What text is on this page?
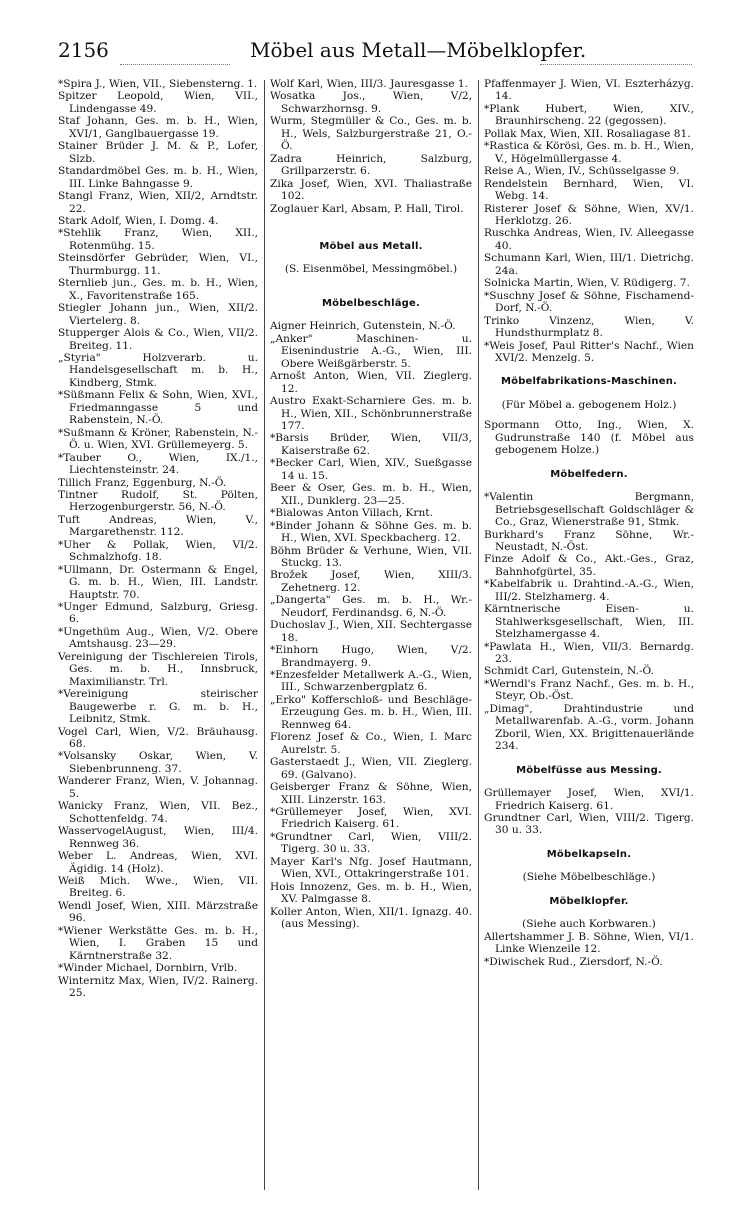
2156	Möbel aus Metall—Möbelklopfer.

*Spira J., Wien, VII., Siebensterng. 1.

Spitzer Leopold, Wien, VII., Lindengasse 49.

Staf Johann, Ges. m. b. H., Wien, XVI/1, Ganglbauergasse 19.

Stainer Brüder J. M. & P., Lofer, Slzb.

Standardmöbel Ges. m. b. H., Wien, III. Linke Bahngasse 9.

Stangl Franz, Wien, XII/2, Arndtstr. 22.

Stark Adolf, Wien, I. Domg. 4.

*Stehlik Franz, Wien, XII., Rotenmühg. 15.

Steinsdörfer Gebrüder, Wien, VI., Thurmburgg. 11.

Sternlieb jun., Ges. m. b. H., Wien, X., Favoritenstraße 165.

Stiegler Johann jun., Wien, XII/2. Viertelerg. 8.

Stupperger Alois & Co., Wien, VII/2. Breiteg. 11.

„Styria" Holzverarb. u. Handelsgesellschaft m. b. H., Kindberg, Stmk.

*Süßmann Felix & Sohn, Wien, XVI., Friedmanngasse 5 und Rabenstein, N.-Ö.

*Sußmann & Kröner, Rabenstein, N.-Ö. u. Wien, XVI. Grüllemeyerg. 5.

*Tauber O., Wien, IX./1., Liechtensteinstr. 24.

Tillich Franz, Eggenburg, N.-Ö.

Tintner Rudolf, St. Pölten, Herzogenburgerstr. 56, N.-Ö.

Tuft Andreas, Wien, V., Margarethenstr. 112.

*Uher & Pollak, Wien, VI/2. Schmalzhofg. 18.

*Ullmann, Dr. Ostermann & Engel, G. m. b. H., Wien, III. Landstr. Hauptstr. 70.

*Unger Edmund, Salzburg, Griesg. 6.

*Ungethüm Aug., Wien, V/2. Obere Amtshausg. 23—29.

Vereinigung der Tischlereien Tirols, Ges. m. b. H., Innsbruck, Maximilianstr. Trl.

*Vereinigung steirischer Baugewerbe r. G. m. b. H., Leibnitz, Stmk.

Vogel Carl, Wien, V/2. Bräuhausg. 68.

*Volsansky Oskar, Wien, V. Siebenbrunneng. 37.

Wanderer Franz, Wien, V. Johannag. 5.

Wanicky Franz, Wien, VII. Bez., Schottenfeldg. 74.

WasservogelAugust, Wien, III/4. Rennweg 36.

Weber L. Andreas, Wien, XVI. Ägidig. 14 (Holz).

Weiß Mich. Wwe., Wien, VII. Breiteg. 6.

Wendl Josef, Wien, XIII. Märzstraße 96.

*Wiener Werkstätte Ges. m. b. H., Wien, I. Graben 15 und Kärntnerstraße 32.

*Winder Michael, Dornbirn, Vrlb.

Winternitz Max, Wien, IV/2. Rainerg. 25.

Wolf Karl, Wien, III/3. Jauresgasse 1.

Wosatka Jos., Wien, V/2, Schwarzhornsg. 9.

Wurm, Stegmüller & Co., Ges. m. b. H., Wels, Salzburgerstraße 21, O.-Ö.

Zadra Heinrich, Salzburg, Grillparzerstr. 6.

Zika Josef, Wien, XVI. Thaliastraße 102.

Zoglauer Karl, Absam, P. Hall, Tirol.

Möbel aus Metall.

(S. Eisenmöbel, Messingmöbel.)

Möbelbeschläge.

Aigner Heinrich, Gutenstein, N.-Ö.

„Anker" Maschinen- u. Eisenindustrie A.-G., Wien, III. Obere Weißgärberstr. 5.

Arnošt Anton, Wien, VII. Zieglerg. 12.

Austro Exakt-Scharniere Ges. m. b. H., Wien, XII., Schönbrunnerstraße 177.

*Barsis Brüder, Wien, VII/3, Kaiserstraße 62.

*Becker Carl, Wien, XIV., Sueßgasse 14 u. 15.

Beer & Oser, Ges. m. b. H., Wien, XII., Dunklerg. 23—25.

*Bialowas Anton Villach, Krnt.

*Binder Johann & Söhne Ges. m. b. H., Wien, XVI. Speckbacherg. 12.

Böhm Brüder & Verhune, Wien, VII. Stuckg. 13.

Brožek Josef, Wien, XIII/3. Zehetnerg. 12.

„Dangerta" Ges. m. b. H., Wr.-Neudorf, Ferdinandsg. 6, N.-Ö.

Duchoslav J., Wien, XII. Sechtergasse 18.

*Einhorn Hugo, Wien, V/2. Brandmayerg. 9.

*Enzesfelder Metallwerk A.-G., Wien, III., Schwarzenbergplatz 6.

„Erko" Kofferschloß- und Beschläge-Erzeugung Ges. m. b. H., Wien, III. Rennweg 64.

Florenz Josef & Co., Wien, I. Marc Aurelstr. 5.

Gasterstaedt J., Wien, VII. Zieglerg. 69. (Galvano).

Geisberger Franz & Söhne, Wien, XIII. Linzerstr. 163.

*Grüllemeyer Josef, Wien, XVI. Friedrich Kaiserg. 61.

*Grundtner Carl, Wien, VIII/2. Tigerg. 30 u. 33.

Mayer Karl's Nfg. Josef Hautmann, Wien, XVI., Ottakringerstraße 101.

Hois Innozenz, Ges. m. b. H., Wien, XV. Palmgasse 8.

Koller Anton, Wien, XII/1. Ignazg. 40. (aus Messing).

Pfaffenmayer J. Wien, VI. Eszterházyg. 14.

*Plank Hubert, Wien, XIV., Braunhirscheng. 22 (gegossen).

Pollak Max, Wien, XII. Rosaliagase 81.

*Rastica & Körösi, Ges. m. b. H., Wien, V., Högelmüllergasse 4.

Reise A., Wien, IV., Schüsselgasse 9.

Rendelstein Bernhard, Wien, VI. Webg. 14.

Risterer Josef & Söhne, Wien, XV/1. Herklotzg. 26.

Ruschka Andreas, Wien, IV. Alleegasse 40.

Schumann Karl, Wien, III/1. Dietrichg. 24a.

Solnicka Martin, Wien, V. Rüdigerg. 7.

*Suschny Josef & Söhne, Fischamend-Dorf, N.-Ö.

Trinko Vinzenz, Wien, V. Hundsthurmplatz 8.

*Weis Josef, Paul Ritter's Nachf., Wien XVI/2. Menzelg. 5.

Möbelfabrikations-Maschinen.

(Für Möbel a. gebogenem Holz.)

Spormann Otto, Ing., Wien, X. Gudrunstraße 140 (f. Möbel aus gebogenem Holze.)

Möbelfedern.

*Valentin Bergmann, Betriebsgesellschaft Goldschläger & Co., Graz, Wienerstraße 91, Stmk.

Burkhard's Franz Söhne, Wr.-Neustadt, N.-Öst.

Finze Adolf & Co., Akt.-Ges., Graz, Bahnhofgürtel, 35.

*Kabelfabrik u. Drahtind.-A.-G., Wien, III/2. Stelzhamerg. 4.

Kärntnerische Eisen- u. Stahlwerksgesellschaft, Wien, III. Stelzhamergasse 4.

*Pawlata H., Wien, VII/3. Bernardg. 23.

Schmidt Carl, Gutenstein, N.-Ö.

*Werndl's Franz Nachf., Ges. m. b. H., Steyr, Ob.-Öst.

„Dimag", Drahtindustrie und Metallwarenfab. A.-G., vorm. Johann Zboril, Wien, XX. Brigittenauerlände 234.

Möbelfüsse aus Messing.

Grüllemayer Josef, Wien, XVI/1. Friedrich Kaiserg. 61.

Grundtner Carl, Wien, VIII/2. Tigerg. 30 u. 33.

Möbelkapseln.

(Siehe Möbelbeschläge.)

Möbelklopfer.

(Siehe auch Korbwaren.)

Allertshammer J. B. Söhne, Wien, VI/1. Linke Wienzeile 12.

*Diwischek Rud., Ziersdorf, N.-Ö.
